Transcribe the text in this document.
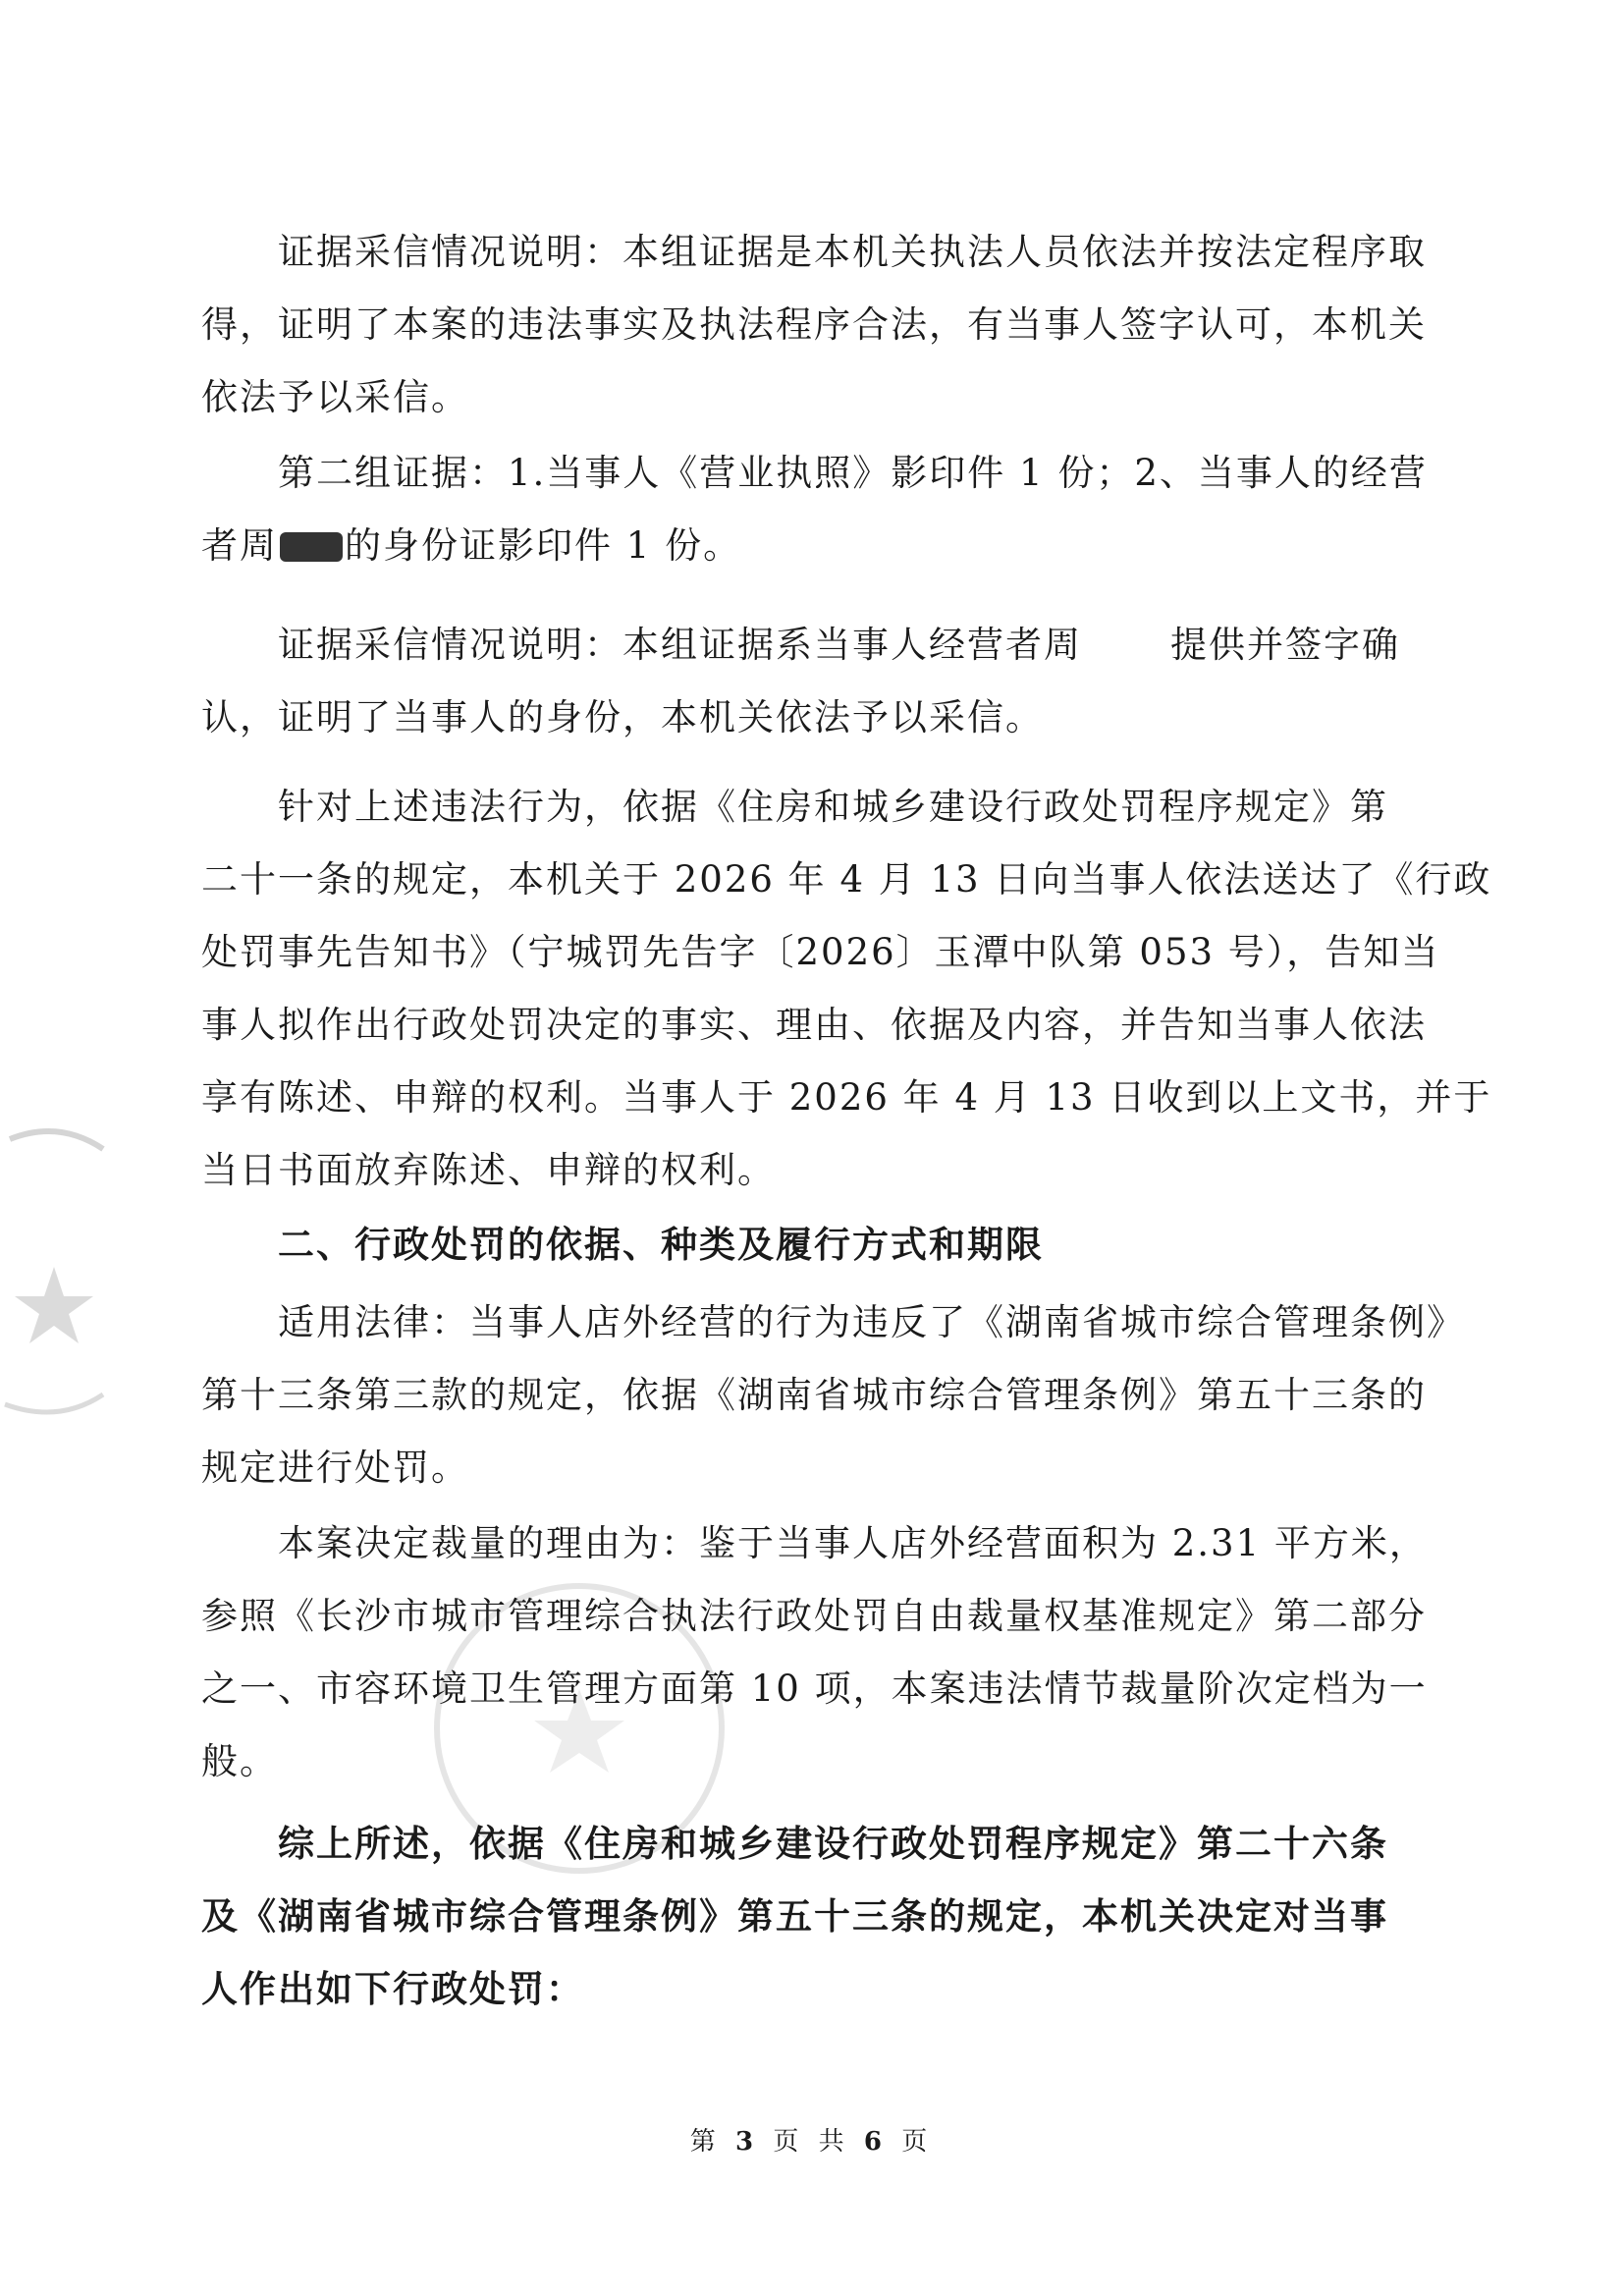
　　证据采信情况说明：本组证据是本机关执法人员依法并按法定程序取
得，证明了本案的违法事实及执法程序合法，有当事人签字认可，本机关
依法予以采信。
　　第二组证据：1.当事人《营业执照》影印件 1 份；2、当事人的经营
者周 的身份证影印件 1 份。
　　证据采信情况说明：本组证据系当事人经营者周 提供并签字确
认，证明了当事人的身份，本机关依法予以采信。
　　针对上述违法行为，依据《住房和城乡建设行政处罚程序规定》第
二十一条的规定，本机关于 2026 年 4 月 13 日向当事人依法送达了《行政
处罚事先告知书》（宁城罚先告字〔2026〕玉潭中队第 053 号），告知当
事人拟作出行政处罚决定的事实、理由、依据及内容，并告知当事人依法
享有陈述、申辩的权利。当事人于 2026 年 4 月 13 日收到以上文书，并于
当日书面放弃陈述、申辩的权利。
　　二、行政处罚的依据、种类及履行方式和期限
　　适用法律：当事人店外经营的行为违反了《湖南省城市综合管理条例》
第十三条第三款的规定，依据《湖南省城市综合管理条例》第五十三条的
规定进行处罚。
　　本案决定裁量的理由为：鉴于当事人店外经营面积为 2.31 平方米，
参照《长沙市城市管理综合执法行政处罚自由裁量权基准规定》第二部分
之一、市容环境卫生管理方面第 10 项，本案违法情节裁量阶次定档为一
般。
　　综上所述，依据《住房和城乡建设行政处罚程序规定》第二十六条
及《湖南省城市综合管理条例》第五十三条的规定，本机关决定对当事
人作出如下行政处罚：
第 3 页 共 6 页
